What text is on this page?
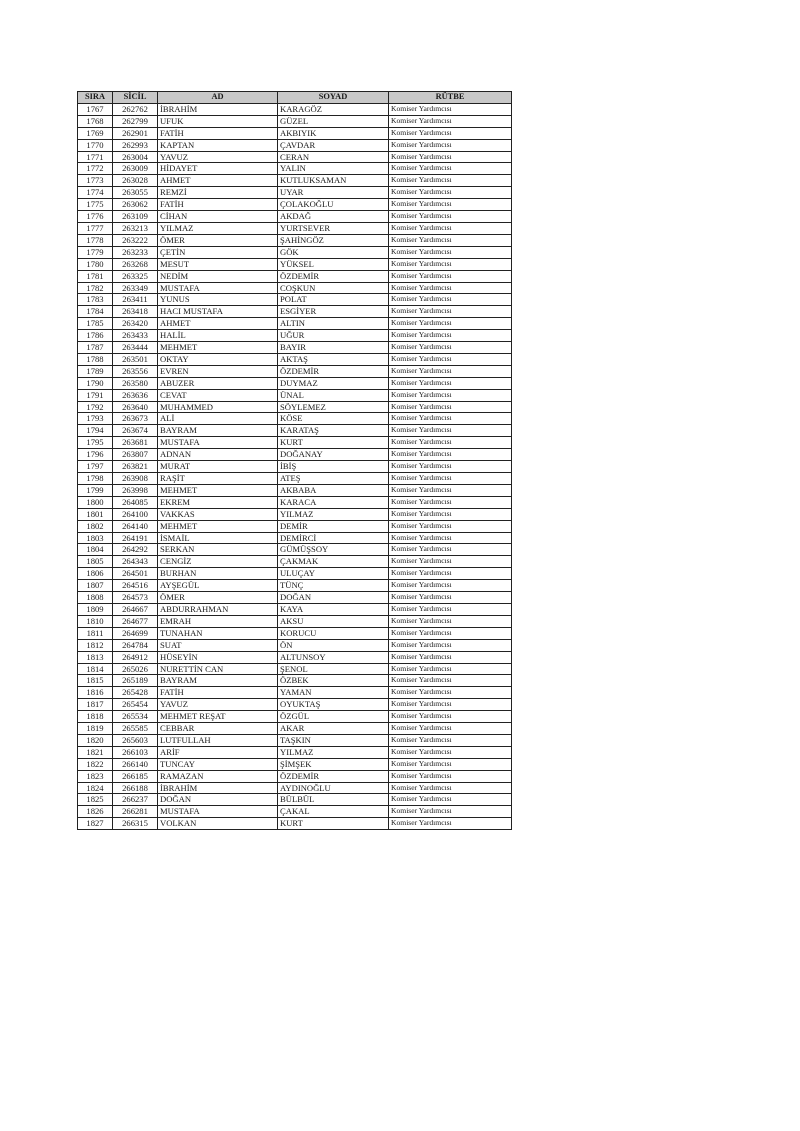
SIRA	SİCİL	AD	SOYAD	RÜTBE
1767	262762	İBRAHİM	KARAGÖZ	Komiser Yardımcısı
1768	262799	UFUK	GÜZEL	Komiser Yardımcısı
1769	262901	FATİH	AKBIYIK	Komiser Yardımcısı
1770	262993	KAPTAN	ÇAVDAR	Komiser Yardımcısı
1771	263004	YAVUZ	CERAN	Komiser Yardımcısı
1772	263009	HİDAYET	YALIN	Komiser Yardımcısı
1773	263028	AHMET	KUTLUKSAMAN	Komiser Yardımcısı
1774	263055	REMZİ	UYAR	Komiser Yardımcısı
1775	263062	FATİH	ÇOLAKOĞLU	Komiser Yardımcısı
1776	263109	CİHAN	AKDAĞ	Komiser Yardımcısı
1777	263213	YILMAZ	YURTSEVER	Komiser Yardımcısı
1778	263222	ÖMER	ŞAHİNGÖZ	Komiser Yardımcısı
1779	263233	ÇETİN	GÖK	Komiser Yardımcısı
1780	263268	MESUT	YÜKSEL	Komiser Yardımcısı
1781	263325	NEDİM	ÖZDEMİR	Komiser Yardımcısı
1782	263349	MUSTAFA	COŞKUN	Komiser Yardımcısı
1783	263411	YUNUS	POLAT	Komiser Yardımcısı
1784	263418	HACI MUSTAFA	ESGİYER	Komiser Yardımcısı
1785	263420	AHMET	ALTIN	Komiser Yardımcısı
1786	263433	HALİL	UĞUR	Komiser Yardımcısı
1787	263444	MEHMET	BAYIR	Komiser Yardımcısı
1788	263501	OKTAY	AKTAŞ	Komiser Yardımcısı
1789	263556	EVREN	ÖZDEMİR	Komiser Yardımcısı
1790	263580	ABUZER	DUYMAZ	Komiser Yardımcısı
1791	263636	CEVAT	ÜNAL	Komiser Yardımcısı
1792	263640	MUHAMMED	SÖYLEMEZ	Komiser Yardımcısı
1793	263673	ALİ	KÖSE	Komiser Yardımcısı
1794	263674	BAYRAM	KARATAŞ	Komiser Yardımcısı
1795	263681	MUSTAFA	KURT	Komiser Yardımcısı
1796	263807	ADNAN	DOĞANAY	Komiser Yardımcısı
1797	263821	MURAT	İBİŞ	Komiser Yardımcısı
1798	263908	RAŞİT	ATEŞ	Komiser Yardımcısı
1799	263998	MEHMET	AKBABA	Komiser Yardımcısı
1800	264085	EKREM	KARACA	Komiser Yardımcısı
1801	264100	VAKKAS	YILMAZ	Komiser Yardımcısı
1802	264140	MEHMET	DEMİR	Komiser Yardımcısı
1803	264191	İSMAİL	DEMİRCİ	Komiser Yardımcısı
1804	264292	SERKAN	GÜMÜŞSOY	Komiser Yardımcısı
1805	264343	CENGİZ	ÇAKMAK	Komiser Yardımcısı
1806	264501	BURHAN	ULUÇAY	Komiser Yardımcısı
1807	264516	AYŞEGÜL	TÜNÇ	Komiser Yardımcısı
1808	264573	ÖMER	DOĞAN	Komiser Yardımcısı
1809	264667	ABDURRAHMAN	KAYA	Komiser Yardımcısı
1810	264677	EMRAH	AKSU	Komiser Yardımcısı
1811	264699	TUNAHAN	KORUCU	Komiser Yardımcısı
1812	264784	SUAT	ÖN	Komiser Yardımcısı
1813	264912	HÜSEYİN	ALTUNSOY	Komiser Yardımcısı
1814	265026	NURETTİN CAN	ŞENOL	Komiser Yardımcısı
1815	265189	BAYRAM	ÖZBEK	Komiser Yardımcısı
1816	265428	FATİH	YAMAN	Komiser Yardımcısı
1817	265454	YAVUZ	OYUKTAŞ	Komiser Yardımcısı
1818	265534	MEHMET REŞAT	ÖZGÜL	Komiser Yardımcısı
1819	265585	CEBBAR	AKAR	Komiser Yardımcısı
1820	265603	LUTFULLAH	TAŞKIN	Komiser Yardımcısı
1821	266103	ARİF	YILMAZ	Komiser Yardımcısı
1822	266140	TUNCAY	ŞİMŞEK	Komiser Yardımcısı
1823	266185	RAMAZAN	ÖZDEMİR	Komiser Yardımcısı
1824	266188	İBRAHİM	AYDINOĞLU	Komiser Yardımcısı
1825	266237	DOĞAN	BÜLBÜL	Komiser Yardımcısı
1826	266281	MUSTAFA	ÇAKAL	Komiser Yardımcısı
1827	266315	VOLKAN	KURT	Komiser Yardımcısı
